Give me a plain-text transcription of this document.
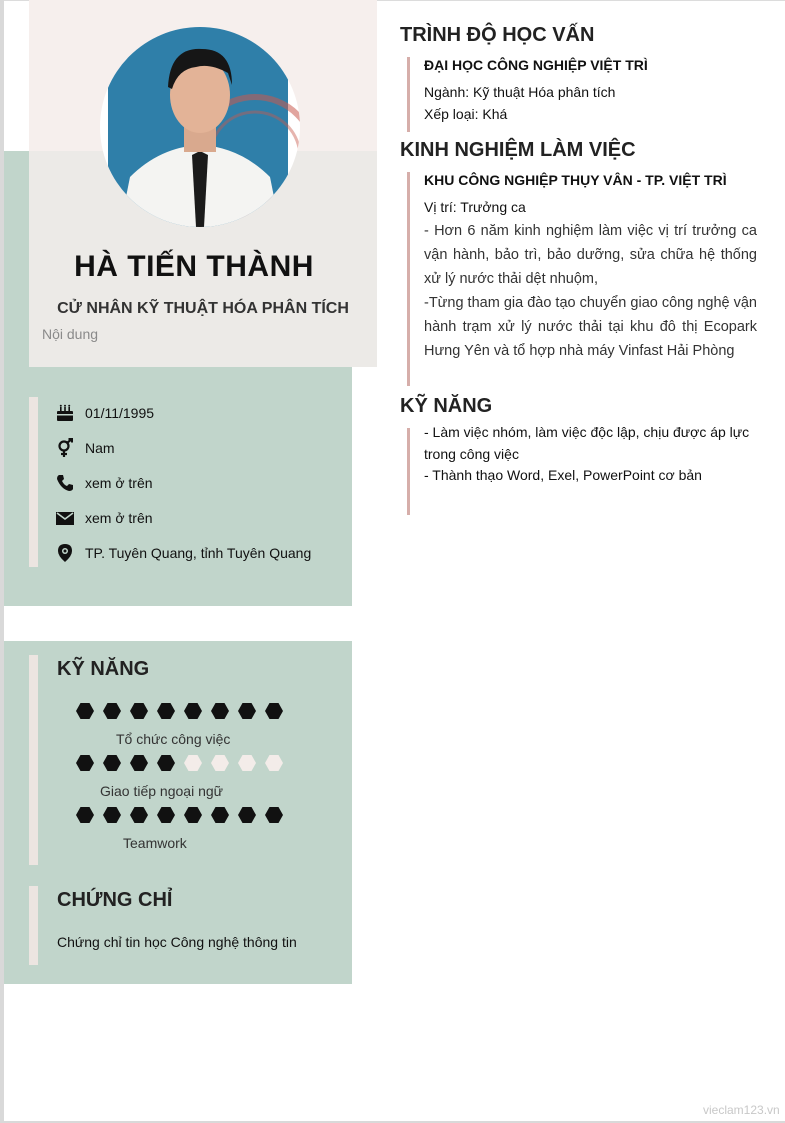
HÀ TIẾN THÀNH
CỬ NHÂN KỸ THUẬT HÓA PHÂN TÍCH
Nội dung
01/11/1995
Nam
xem ở trên
xem ở trên
TP. Tuyên Quang, tỉnh Tuyên Quang
KỸ NĂNG
Tổ chức công việc
Giao tiếp ngoại ngữ
Teamwork
CHỨNG CHỈ
Chứng chỉ tin học Công nghệ thông tin
TRÌNH ĐỘ HỌC VẤN
ĐẠI HỌC CÔNG NGHIỆP VIỆT TRÌ
Ngành: Kỹ thuật Hóa phân tích
Xếp loại: Khá
KINH NGHIỆM LÀM VIỆC
KHU CÔNG NGHIỆP THỤY VÂN - TP. VIỆT TRÌ
Vị trí: Trưởng ca
- Hơn 6 năm kinh nghiệm làm việc vị trí trưởng ca vận hành, bảo trì, bảo dưỡng, sửa chữa hệ thống xử lý nước thải dệt nhuộm,
-Từng tham gia đào tạo chuyển giao công nghệ vận hành trạm xử lý nước thải tại khu đô thị Ecopark Hưng Yên và tổ hợp nhà máy Vinfast Hải Phòng
KỸ NĂNG
- Làm việc nhóm, làm việc độc lập, chịu được áp lực trong công việc
- Thành thạo Word, Exel, PowerPoint cơ bản
vieclam123.vn
